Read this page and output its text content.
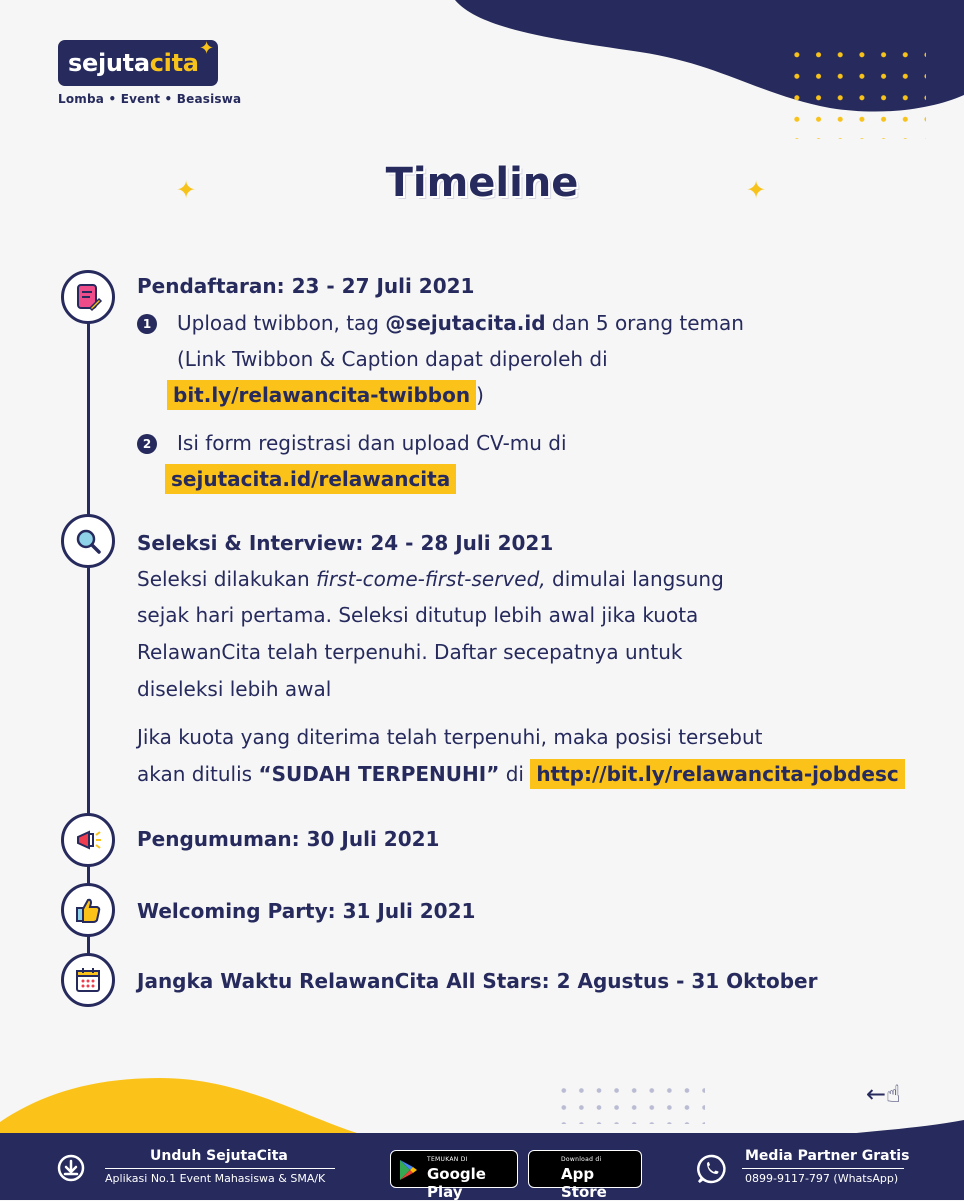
sejutacita
✦
Lomba • Event • Beasiswa
✦	✦
Timeline
Pendaftaran: 23 - 27 Juli 2021
1 Upload twibbon, tag @sejutacita.id dan 5 orang teman
(Link Twibbon & Caption dapat diperoleh di
bit.ly/relawancita-twibbon )
2 Isi form registrasi dan upload CV-mu di
sejutacita.id/relawancita
Seleksi & Interview: 24 - 28 Juli 2021
Seleksi dilakukan first-come-first-served, dimulai langsung
sejak hari pertama. Seleksi ditutup lebih awal jika kuota
RelawanCita telah terpenuhi. Daftar secepatnya untuk
diseleksi lebih awal
Jika kuota yang diterima telah terpenuhi, maka posisi tersebut
akan ditulis “SUDAH TERPENUHI” di http://bit.ly/relawancita-jobdesc
Pengumuman: 30 Juli 2021
Welcoming Party: 31 Juli 2021
Jangka Waktu RelawanCita All Stars: 2 Agustus - 31 Oktober
←☝
Unduh SejutaCita
Aplikasi No.1 Event Mahasiswa & SMA/K
TEMUKAN DI
Google Play
Download di
App Store
Media Partner Gratis
0899-9117-797 (WhatsApp)
